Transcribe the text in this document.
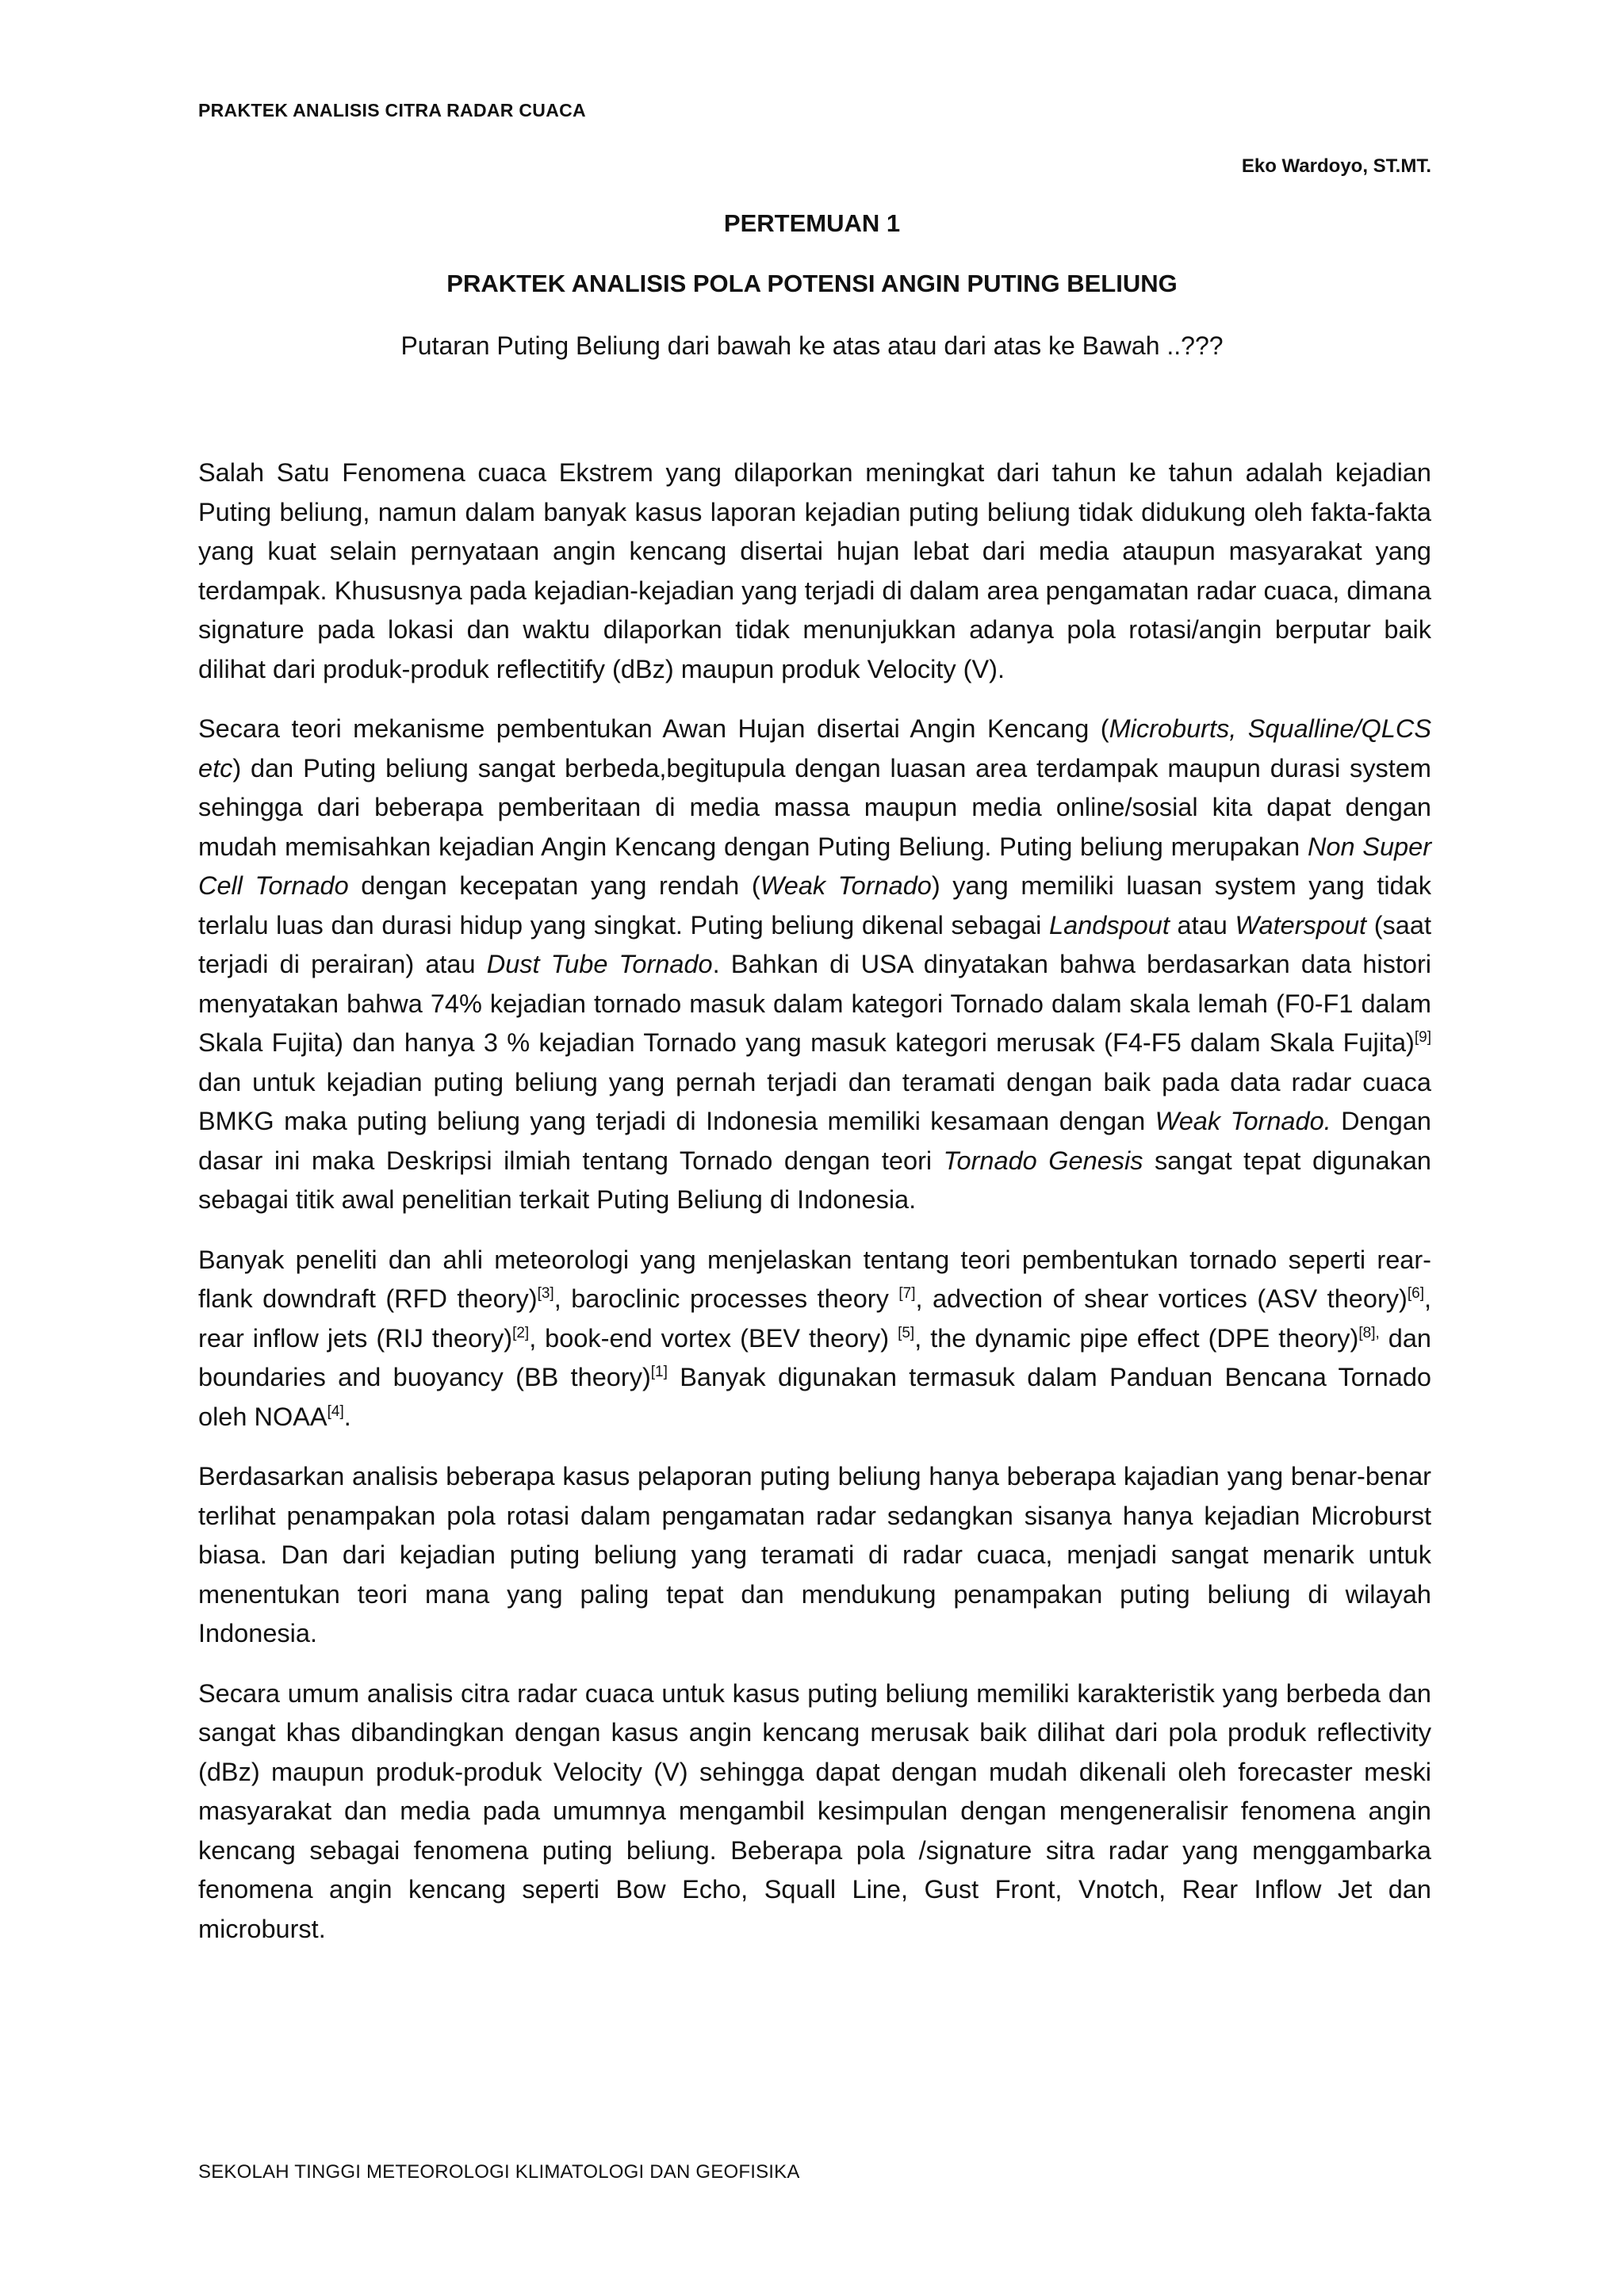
PRAKTEK ANALISIS CITRA RADAR CUACA
Eko Wardoyo, ST.MT.
PERTEMUAN 1
PRAKTEK ANALISIS POLA POTENSI ANGIN PUTING BELIUNG
Putaran Puting Beliung dari bawah ke atas atau dari atas ke Bawah ..???

Salah Satu Fenomena cuaca Ekstrem yang dilaporkan meningkat dari tahun ke tahun adalah kejadian Puting beliung, namun dalam banyak kasus laporan kejadian puting beliung tidak didukung oleh fakta-fakta yang kuat selain pernyataan angin kencang disertai hujan lebat dari media ataupun masyarakat yang terdampak. Khususnya pada kejadian-kejadian yang terjadi di dalam area pengamatan radar cuaca, dimana signature pada lokasi dan waktu dilaporkan tidak menunjukkan adanya pola rotasi/angin berputar baik dilihat dari produk-produk reflectitify (dBz) maupun produk Velocity (V).

Secara teori mekanisme pembentukan Awan Hujan disertai Angin Kencang (Microburts, Squalline/QLCS etc) dan Puting beliung sangat berbeda,begitupula dengan luasan area terdampak maupun durasi system sehingga dari beberapa pemberitaan di media massa maupun media online/sosial kita dapat dengan mudah memisahkan kejadian Angin Kencang dengan Puting Beliung. Puting beliung merupakan Non Super Cell Tornado dengan kecepatan yang rendah (Weak Tornado) yang memiliki luasan system yang tidak terlalu luas dan durasi hidup yang singkat. Puting beliung dikenal sebagai Landspout atau Waterspout (saat terjadi di perairan) atau Dust Tube Tornado. Bahkan di USA dinyatakan bahwa berdasarkan data histori menyatakan bahwa 74% kejadian tornado masuk dalam kategori Tornado dalam skala lemah (F0-F1 dalam Skala Fujita) dan hanya 3 % kejadian Tornado yang masuk kategori merusak (F4-F5 dalam Skala Fujita)[9] dan untuk kejadian puting beliung yang pernah terjadi dan teramati dengan baik pada data radar cuaca BMKG maka puting beliung yang terjadi di Indonesia memiliki kesamaan dengan Weak Tornado. Dengan dasar ini maka Deskripsi ilmiah tentang Tornado dengan teori Tornado Genesis sangat tepat digunakan sebagai titik awal penelitian terkait Puting Beliung di Indonesia.

Banyak peneliti dan ahli meteorologi yang menjelaskan tentang teori pembentukan tornado seperti rear-flank downdraft (RFD theory)[3], baroclinic processes theory [7], advection of shear vortices (ASV theory)[6], rear inflow jets (RIJ theory)[2], book-end vortex (BEV theory) [5], the dynamic pipe effect (DPE theory)$^{[8],}$ dan boundaries and buoyancy (BB theory)[1] Banyak digunakan termasuk dalam Panduan Bencana Tornado oleh NOAA[4].

Berdasarkan analisis beberapa kasus pelaporan puting beliung hanya beberapa kajadian yang benar-benar terlihat penampakan pola rotasi dalam pengamatan radar sedangkan sisanya hanya kejadian Microburst biasa. Dan dari kejadian puting beliung yang teramati di radar cuaca, menjadi sangat menarik untuk menentukan teori mana yang paling tepat dan mendukung penampakan puting beliung di wilayah Indonesia.

Secara umum analisis citra radar cuaca untuk kasus puting beliung memiliki karakteristik yang berbeda dan sangat khas dibandingkan dengan kasus angin kencang merusak baik dilihat dari pola produk reflectivity (dBz) maupun produk-produk Velocity (V) sehingga dapat dengan mudah dikenali oleh forecaster meski masyarakat dan media pada umumnya mengambil kesimpulan dengan mengeneralisir fenomena angin kencang sebagai fenomena puting beliung. Beberapa pola /signature sitra radar yang menggambarka fenomena angin kencang seperti Bow Echo, Squall Line, Gust Front, Vnotch, Rear Inflow Jet dan microburst.

SEKOLAH TINGGI METEOROLOGI KLIMATOLOGI DAN GEOFISIKA
